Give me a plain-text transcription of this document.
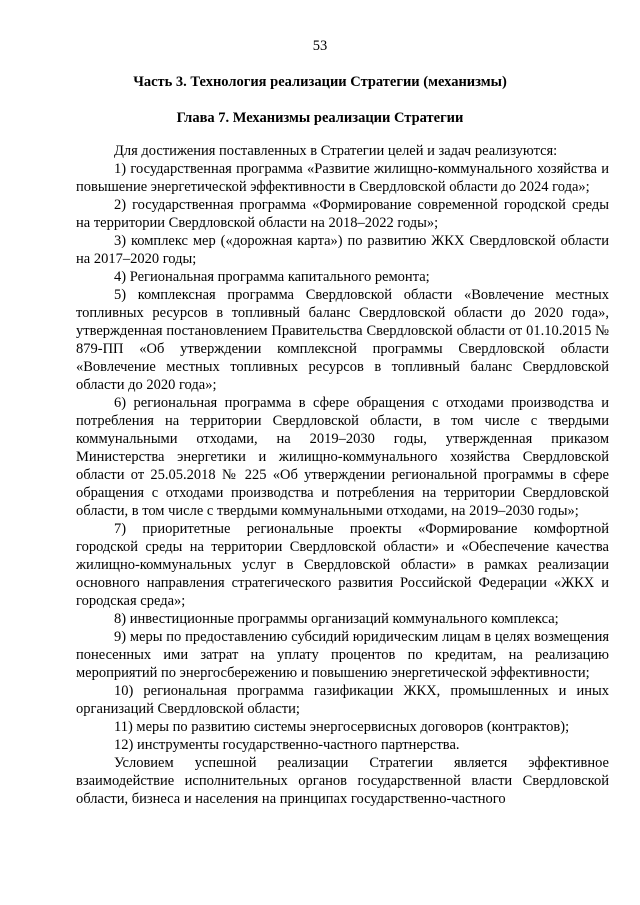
53
Часть 3. Технология реализации Стратегии (механизмы)
Глава 7. Механизмы реализации Стратегии

Для достижения поставленных в Стратегии целей и задач реализуются:

1) государственная программа «Развитие жилищно-коммунального хозяйства и повышение энергетической эффективности в Свердловской области до 2024 года»;

2) государственная программа «Формирование современной городской среды на территории Свердловской области на 2018–2022 годы»;

3) комплекс мер («дорожная карта») по развитию ЖКХ Свердловской области на 2017–2020 годы;

4) Региональная программа капитального ремонта;

5) комплексная программа Свердловской области «Вовлечение местных топливных ресурсов в топливный баланс Свердловской области до 2020 года», утвержденная постановлением Правительства Свердловской области от 01.10.2015 № 879-ПП «Об утверждении комплексной программы Свердловской области «Вовлечение местных топливных ресурсов в топливный баланс Свердловской области до 2020 года»;

6) региональная программа в сфере обращения с отходами производства и потребления на территории Свердловской области, в том числе с твердыми коммунальными отходами, на 2019–2030 годы, утвержденная приказом Министерства энергетики и жилищно-коммунального хозяйства Свердловской области от 25.05.2018 № 225 «Об утверждении региональной программы в сфере обращения с отходами производства и потребления на территории Свердловской области, в том числе с твердыми коммунальными отходами, на 2019–2030 годы»;

7) приоритетные региональные проекты «Формирование комфортной городской среды на территории Свердловской области» и «Обеспечение качества жилищно-коммунальных услуг в Свердловской области» в рамках реализации основного направления стратегического развития Российской Федерации «ЖКХ и городская среда»;

8) инвестиционные программы организаций коммунального комплекса;

9) меры по предоставлению субсидий юридическим лицам в целях возмещения понесенных ими затрат на уплату процентов по кредитам, на реализацию мероприятий по энергосбережению и повышению энергетической эффективности;

10) региональная программа газификации ЖКХ, промышленных и иных организаций Свердловской области;

11) меры по развитию системы энергосервисных договоров (контрактов);

12) инструменты государственно-частного партнерства.

Условием успешной реализации Стратегии является эффективное взаимодействие исполнительных органов государственной власти Свердловской области, бизнеса и населения на принципах государственно-частного
